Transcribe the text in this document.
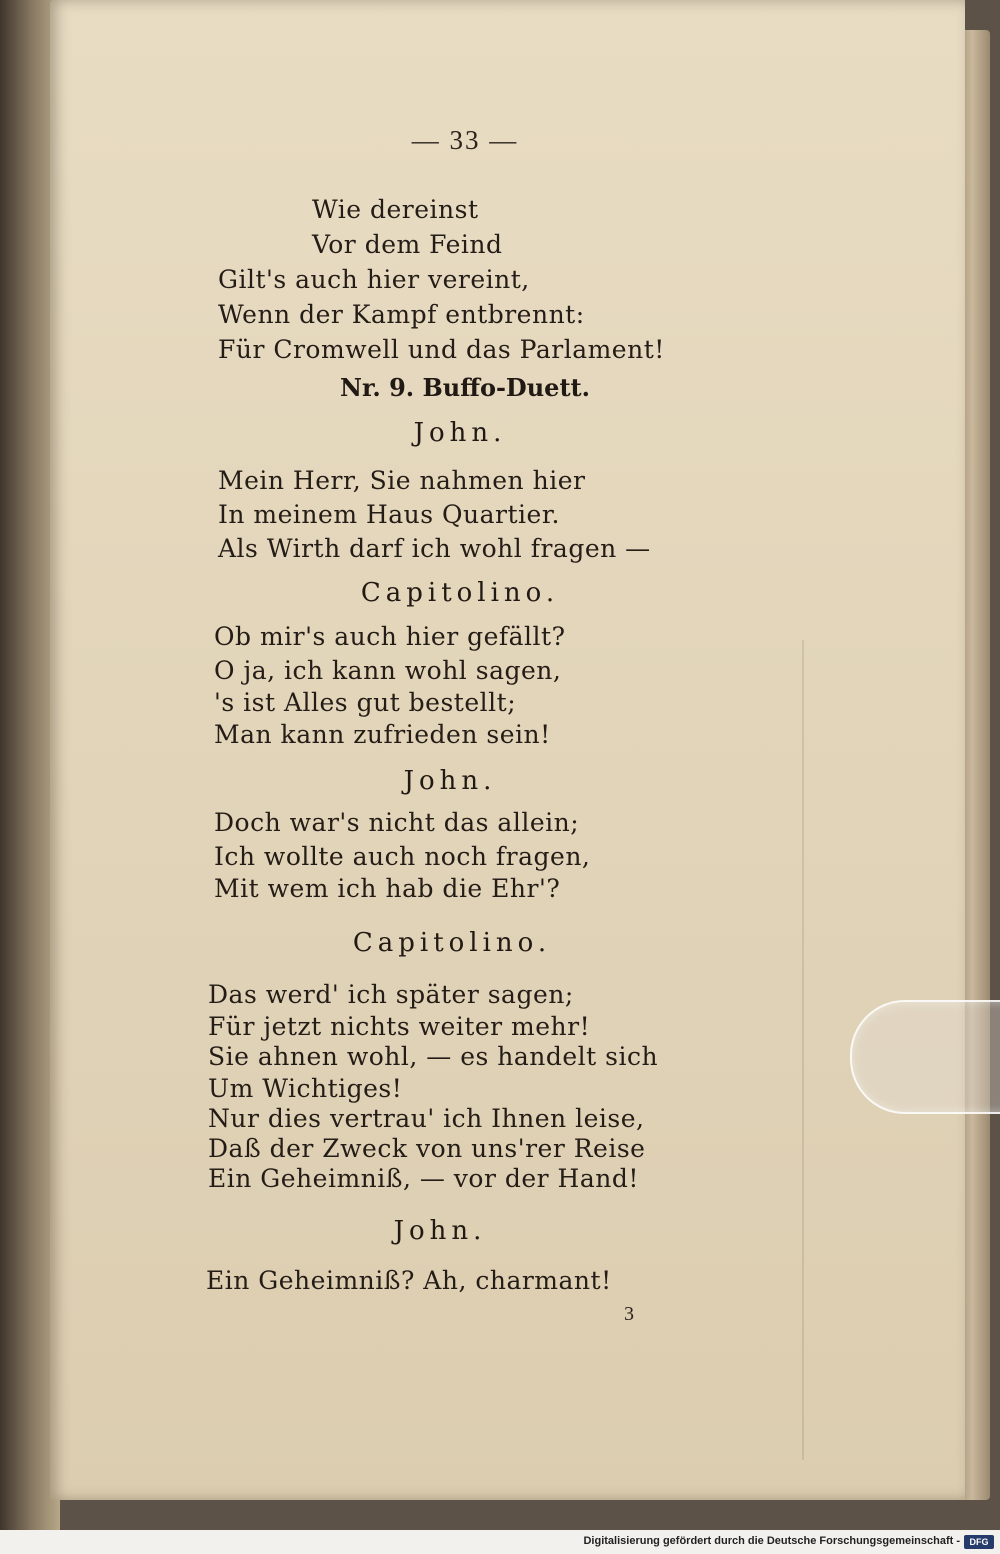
— 33 —
Wie dereinst
Vor dem Feind
Gilt's auch hier vereint,
Wenn der Kampf entbrennt:
Für Cromwell und das Parlament!
Nr. 9. Buffo-Duett.
John.
Mein Herr, Sie nahmen hier
In meinem Haus Quartier.
Als Wirth darf ich wohl fragen —
Capitolino.
Ob mir's auch hier gefällt?
O ja, ich kann wohl sagen,
's ist Alles gut bestellt;
Man kann zufrieden sein!
John.
Doch war's nicht das allein;
Ich wollte auch noch fragen,
Mit wem ich hab die Ehr'?
Capitolino.
Das werd' ich später sagen;
Für jetzt nichts weiter mehr!
Sie ahnen wohl, — es handelt sich
Um Wichtiges!
Nur dies vertrau' ich Ihnen leise,
Daß der Zweck von uns'rer Reise
Ein Geheimniß, — vor der Hand!
John.
Ein Geheimniß? Ah, charmant!
3
Digitalisierung gefördert durch die Deutsche Forschungsgemeinschaft -	DFG
